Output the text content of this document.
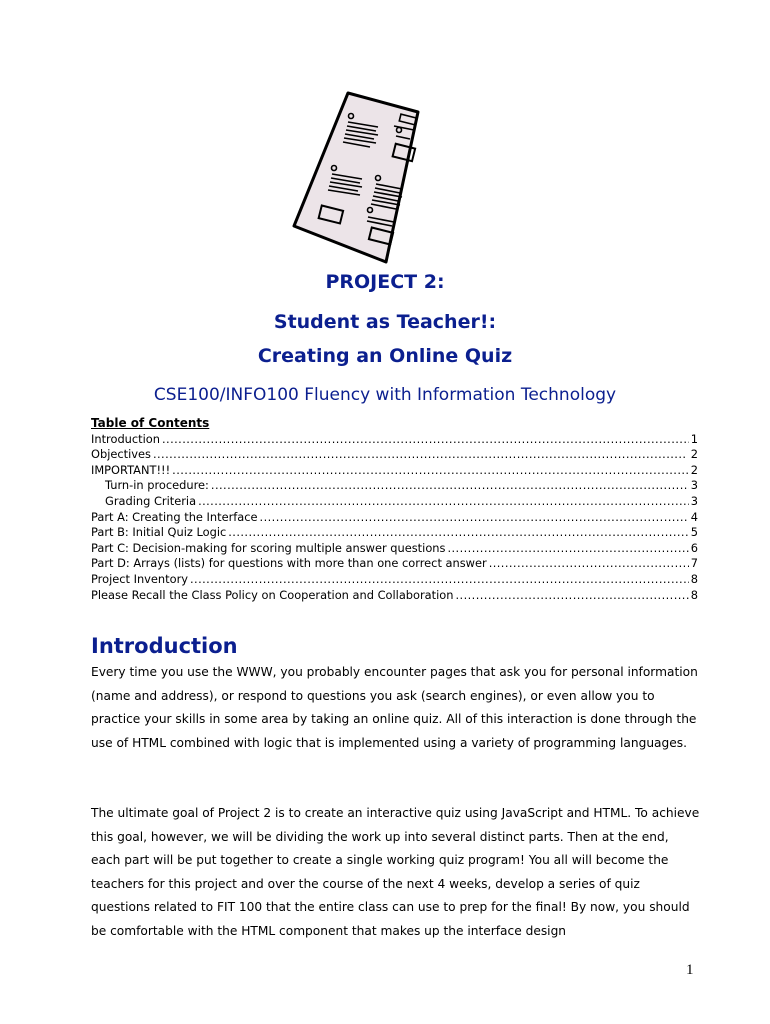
PROJECT 2:
Student as Teacher!:
Creating an Online Quiz
CSE100/INFO100 Fluency with Information Technology
Table of Contents
Introduction . . .	1
Objectives . . .	2
IMPORTANT!!! . . .	2
Turn-in procedure: . . .	3
Grading Criteria . . .	3
Part A: Creating the Interface . . .	4
Part B: Initial Quiz Logic . . .	5
Part C: Decision-making for scoring multiple answer questions . . .	6
Part D: Arrays (lists) for questions with more than one correct answer . . .	7
Project Inventory . . .	8
Please Recall the Class Policy on Cooperation and Collaboration . . .	8
Introduction
Every time you use the WWW, you probably encounter pages that ask you for personal information (name and address), or respond to questions you ask (search engines), or even allow you to practice your skills in some area by taking an online quiz. All of this interaction is done through the use of HTML combined with logic that is implemented using a variety of programming languages.
The ultimate goal of Project 2 is to create an interactive quiz using JavaScript and HTML. To achieve this goal, however, we will be dividing the work up into several distinct parts. Then at the end, each part will be put together to create a single working quiz program! You all will become the teachers for this project and over the course of the next 4 weeks, develop a series of quiz questions related to FIT 100 that the entire class can use to prep for the final! By now, you should be comfortable with the HTML component that makes up the interface design
1
